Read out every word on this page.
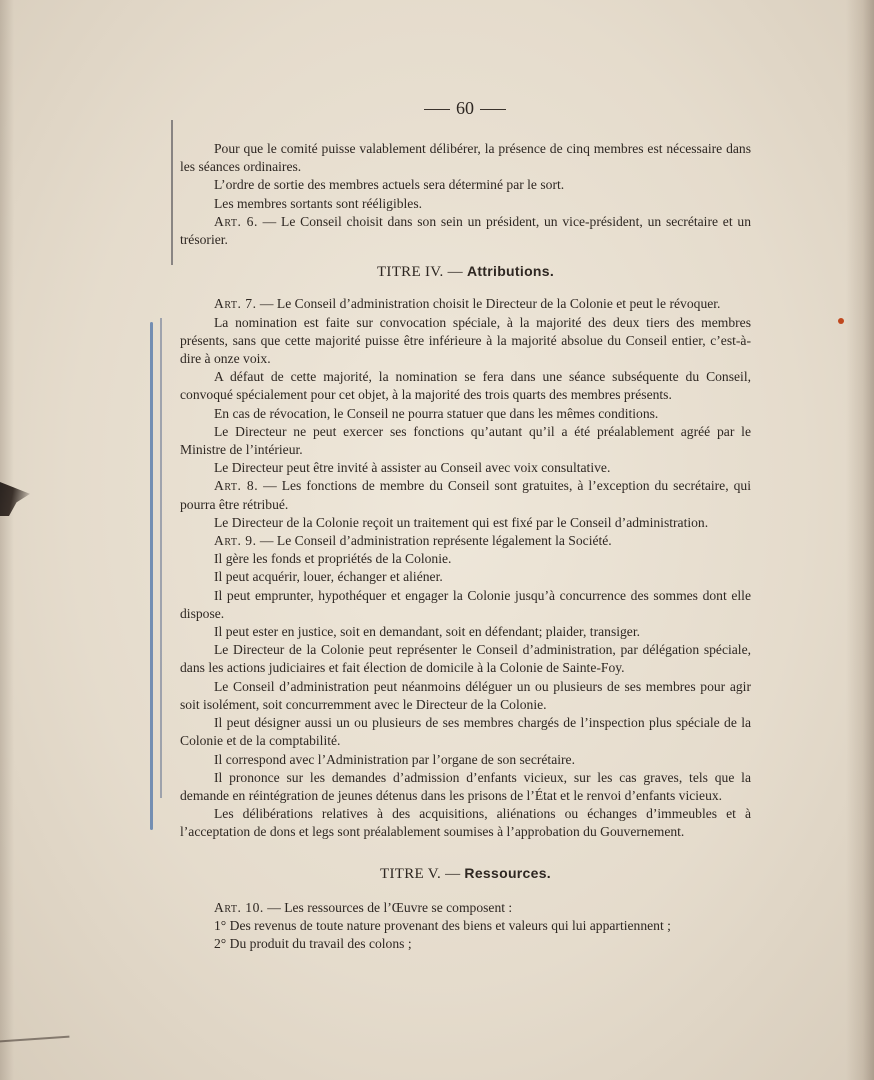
60

Pour que le comité puisse valablement délibérer, la présence de cinq membres est nécessaire dans les séances ordinaires.

L’ordre de sortie des membres actuels sera déterminé par le sort.

Les membres sortants sont rééligibles.

Art. 6. — Le Conseil choisit dans son sein un président, un vice-président, un secrétaire et un trésorier.

TITRE IV. — Attributions.

Art. 7. — Le Conseil d’administration choisit le Directeur de la Colonie et peut le révoquer.

La nomination est faite sur convocation spéciale, à la majorité des deux tiers des membres présents, sans que cette majorité puisse être inférieure à la majorité absolue du Conseil entier, c’est-à-dire à onze voix.

A défaut de cette majorité, la nomination se fera dans une séance subséquente du Conseil, convoqué spécialement pour cet objet, à la majorité des trois quarts des membres présents.

En cas de révocation, le Conseil ne pourra statuer que dans les mêmes conditions.

Le Directeur ne peut exercer ses fonctions qu’autant qu’il a été préalablement agréé par le Ministre de l’intérieur.

Le Directeur peut être invité à assister au Conseil avec voix consultative.

Art. 8. — Les fonctions de membre du Conseil sont gratuites, à l’exception du secrétaire, qui pourra être rétribué.

Le Directeur de la Colonie reçoit un traitement qui est fixé par le Conseil d’administration.

Art. 9. — Le Conseil d’administration représente légalement la Société.

Il gère les fonds et propriétés de la Colonie.

Il peut acquérir, louer, échanger et aliéner.

Il peut emprunter, hypothéquer et engager la Colonie jusqu’à concurrence des sommes dont elle dispose.

Il peut ester en justice, soit en demandant, soit en défendant; plaider, transiger.

Le Directeur de la Colonie peut représenter le Conseil d’administration, par délégation spéciale, dans les actions judiciaires et fait élection de domicile à la Colonie de Sainte-Foy.

Le Conseil d’administration peut néanmoins déléguer un ou plusieurs de ses membres pour agir soit isolément, soit concurremment avec le Directeur de la Colonie.

Il peut désigner aussi un ou plusieurs de ses membres chargés de l’inspection plus spéciale de la Colonie et de la comptabilité.

Il correspond avec l’Administration par l’organe de son secrétaire.

Il prononce sur les demandes d’admission d’enfants vicieux, sur les cas graves, tels que la demande en réintégration de jeunes détenus dans les prisons de l’État et le renvoi d’enfants vicieux.

Les délibérations relatives à des acquisitions, aliénations ou échanges d’immeubles et à l’acceptation de dons et legs sont préalablement soumises à l’approbation du Gouvernement.

TITRE V. — Ressources.

Art. 10. — Les ressources de l’Œuvre se composent :

1° Des revenus de toute nature provenant des biens et valeurs qui lui appartiennent ;

2° Du produit du travail des colons ;
